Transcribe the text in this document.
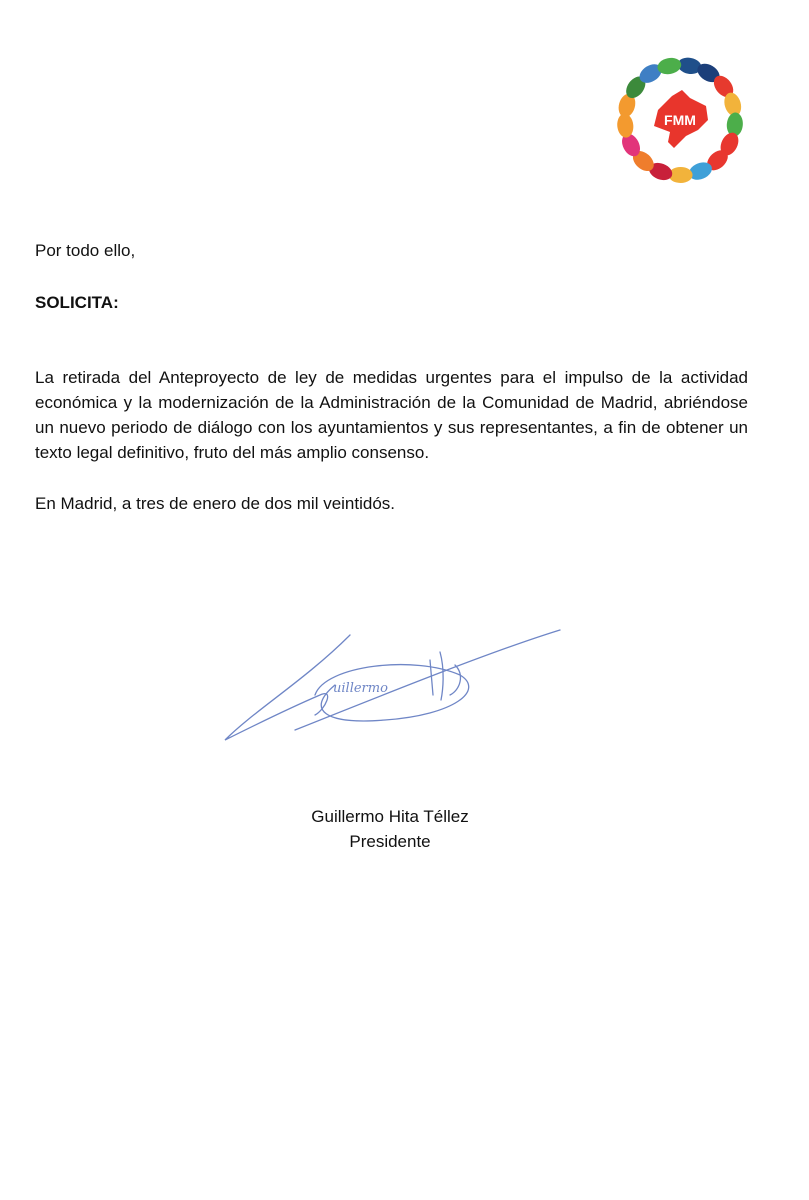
FMM

Por todo ello,

SOLICITA:

La retirada del Anteproyecto de ley de medidas urgentes para el impulso de la actividad económica y la modernización de la Administración de la Comunidad de Madrid, abriéndose un nuevo periodo de diálogo con los ayuntamientos y sus representantes, a fin de obtener un texto legal definitivo, fruto del más amplio consenso.

En Madrid, a tres de enero de dos mil veintidós.

uillermo
Guillermo Hita Téllez
Presidente
